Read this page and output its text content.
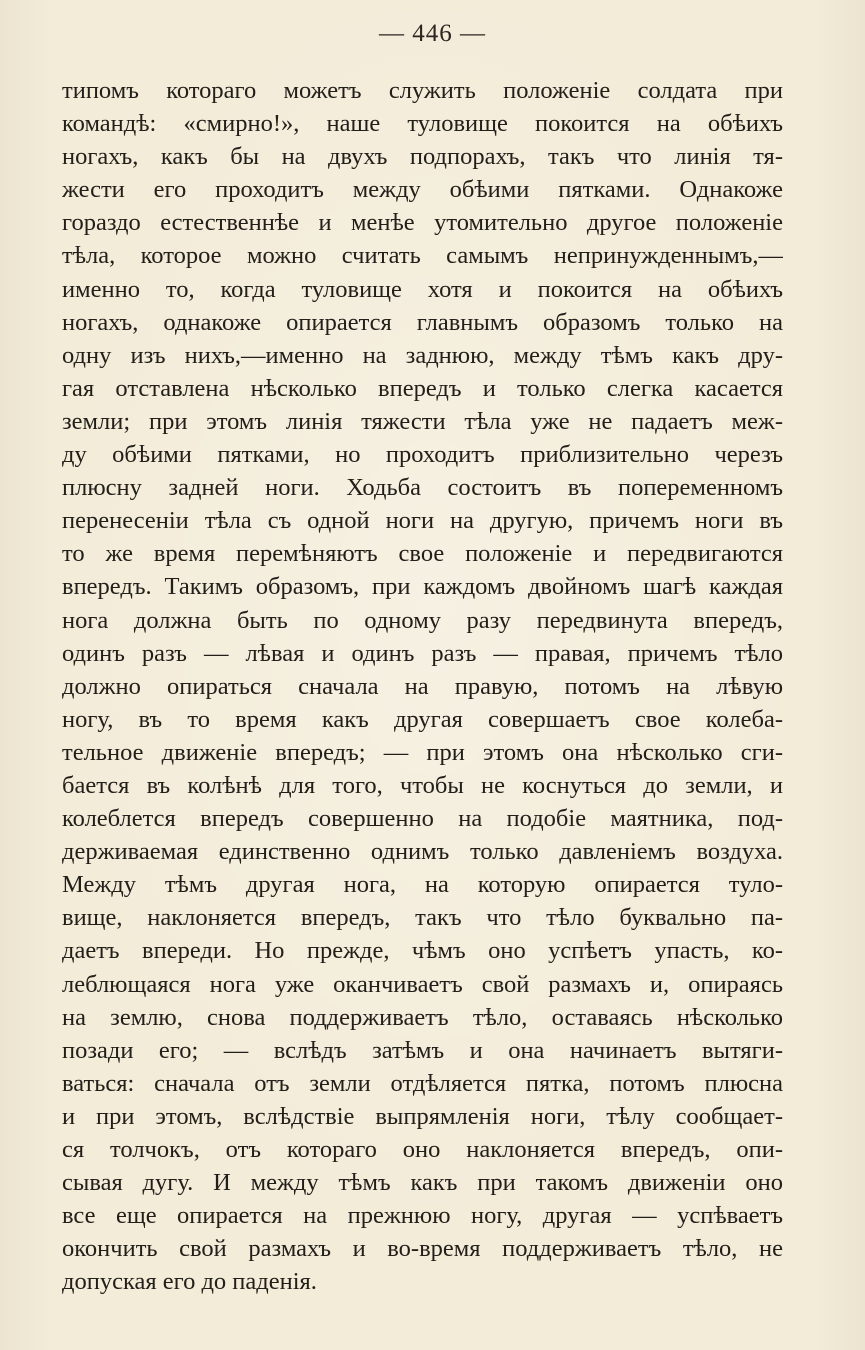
— 446 —
типомъ котораго можетъ служить положеніе солдата при
командѣ: «смирно!», наше туловище покоится на обѣихъ
ногахъ, какъ бы на двухъ подпорахъ, такъ что линія тя-
жести его проходитъ между обѣими пятками. Однакоже
гораздо естественнѣе и менѣе утомительно другое положеніе
тѣла, которое можно считать самымъ непринужденнымъ,—
именно то, когда туловище хотя и покоится на обѣихъ
ногахъ, однакоже опирается главнымъ образомъ только на
одну изъ нихъ,—именно на заднюю, между тѣмъ какъ дру-
гая отставлена нѣсколько впередъ и только слегка касается
земли; при этомъ линія тяжести тѣла уже не падаетъ меж-
ду обѣими пятками, но проходитъ приблизительно черезъ
плюсну задней ноги. Ходьба состоитъ въ попеременномъ
перенесеніи тѣла съ одной ноги на другую, причемъ ноги въ
то же время перемѣняютъ свое положеніе и передвигаются
впередъ. Такимъ образомъ, при каждомъ двойномъ шагѣ каждая
нога должна быть по одному разу передвинута впередъ,
одинъ разъ — лѣвая и одинъ разъ — правая, причемъ тѣло
должно опираться сначала на правую, потомъ на лѣвую
ногу, въ то время какъ другая совершаетъ свое колеба-
тельное движеніе впередъ; — при этомъ она нѣсколько сги-
бается въ колѣнѣ для того, чтобы не коснуться до земли, и
колеблется впередъ совершенно на подобіе маятника, под-
держиваемая единственно однимъ только давленіемъ воздуха.
Между тѣмъ другая нога, на которую опирается туло-
вище, наклоняется впередъ, такъ что тѣло буквально па-
даетъ впереди. Но прежде, чѣмъ оно успѣетъ упасть, ко-
леблющаяся нога уже оканчиваетъ свой размахъ и, опираясь
на землю, снова поддерживаетъ тѣло, оставаясь нѣсколько
позади его; — вслѣдъ затѣмъ и она начинаетъ вытяги-
ваться: сначала отъ земли отдѣляется пятка, потомъ плюсна
и при этомъ, вслѣдствіе выпрямленія ноги, тѣлу сообщает-
ся толчокъ, отъ котораго оно наклоняется впередъ, опи-
сывая дугу. И между тѣмъ какъ при такомъ движеніи оно
все еще опирается на прежнюю ногу, другая — успѣваетъ
окончить свой размахъ и во-время поддерживаетъ тѣло, не
допуская его до паденія.
